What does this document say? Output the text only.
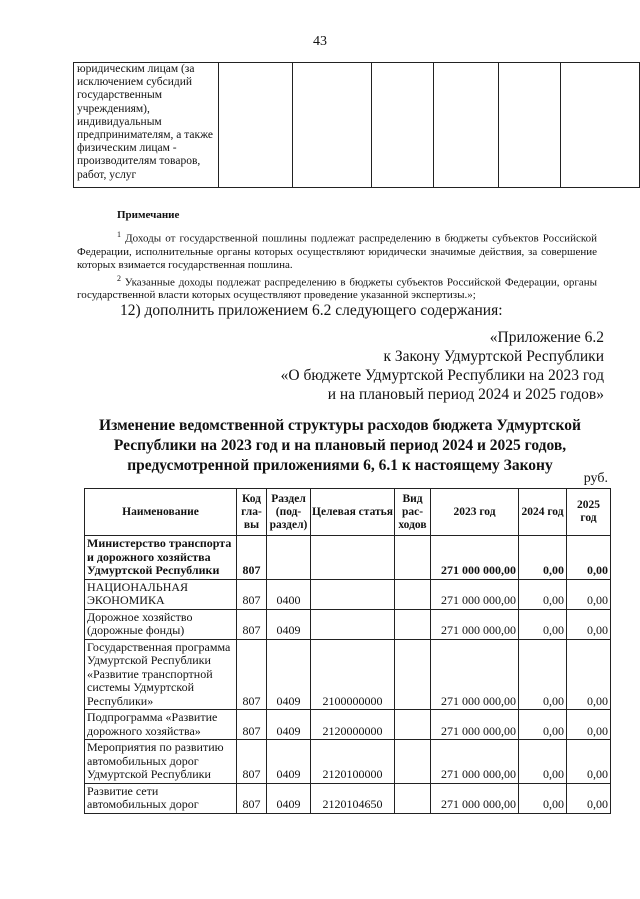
43
юридическим лицам (за исключением субсидий государственным учреждениям), индивидуальным предпринимателям, а также физическим лицам - производителям товаров, работ, услуг						
Примечание

$^1$ Доходы от государственной пошлины подлежат распределению в бюджеты субъектов Российской Федерации, исполнительные органы которых осуществляют юридически значимые действия, за совершение которых взимается государственная пошлина.

$^2$ Указанные доходы подлежат распределению в бюджеты субъектов Российской Федерации, органы государственной власти которых осуществляют проведение указанной экспертизы.»;

12) дополнить приложением 6.2 следующего содержания:
«Приложение 6.2
к Закону Удмуртской Республики
«О бюджете Удмуртской Республики на 2023 год
и на плановый период 2024 и 2025 годов»
Изменение ведомственной структуры расходов бюджета Удмуртской Республики на 2023 год и на плановый период 2024 и 2025 годов, предусмотренной приложениями 6, 6.1 к настоящему Закону
руб.
Наименование	Код гла- вы	Раздел (под- раздел)	Целевая статья	Вид рас- ходов	2023 год	2024 год	2025 год
Министерство транспорта и дорожного хозяйства Удмуртской Республики	807				271 000 000,00	0,00	0,00
НАЦИОНАЛЬНАЯ ЭКОНОМИКА	807	0400			271 000 000,00	0,00	0,00
Дорожное хозяйство (дорожные фонды)	807	0409			271 000 000,00	0,00	0,00
Государственная программа Удмуртской Республики «Развитие транспортной системы Удмуртской Республики»	807	0409	2100000000		271 000 000,00	0,00	0,00
Подпрограмма «Развитие дорожного хозяйства»	807	0409	2120000000		271 000 000,00	0,00	0,00
Мероприятия по развитию автомобильных дорог Удмуртской Республики	807	0409	2120100000		271 000 000,00	0,00	0,00
Развитие сети автомобильных дорог	807	0409	2120104650		271 000 000,00	0,00	0,00
